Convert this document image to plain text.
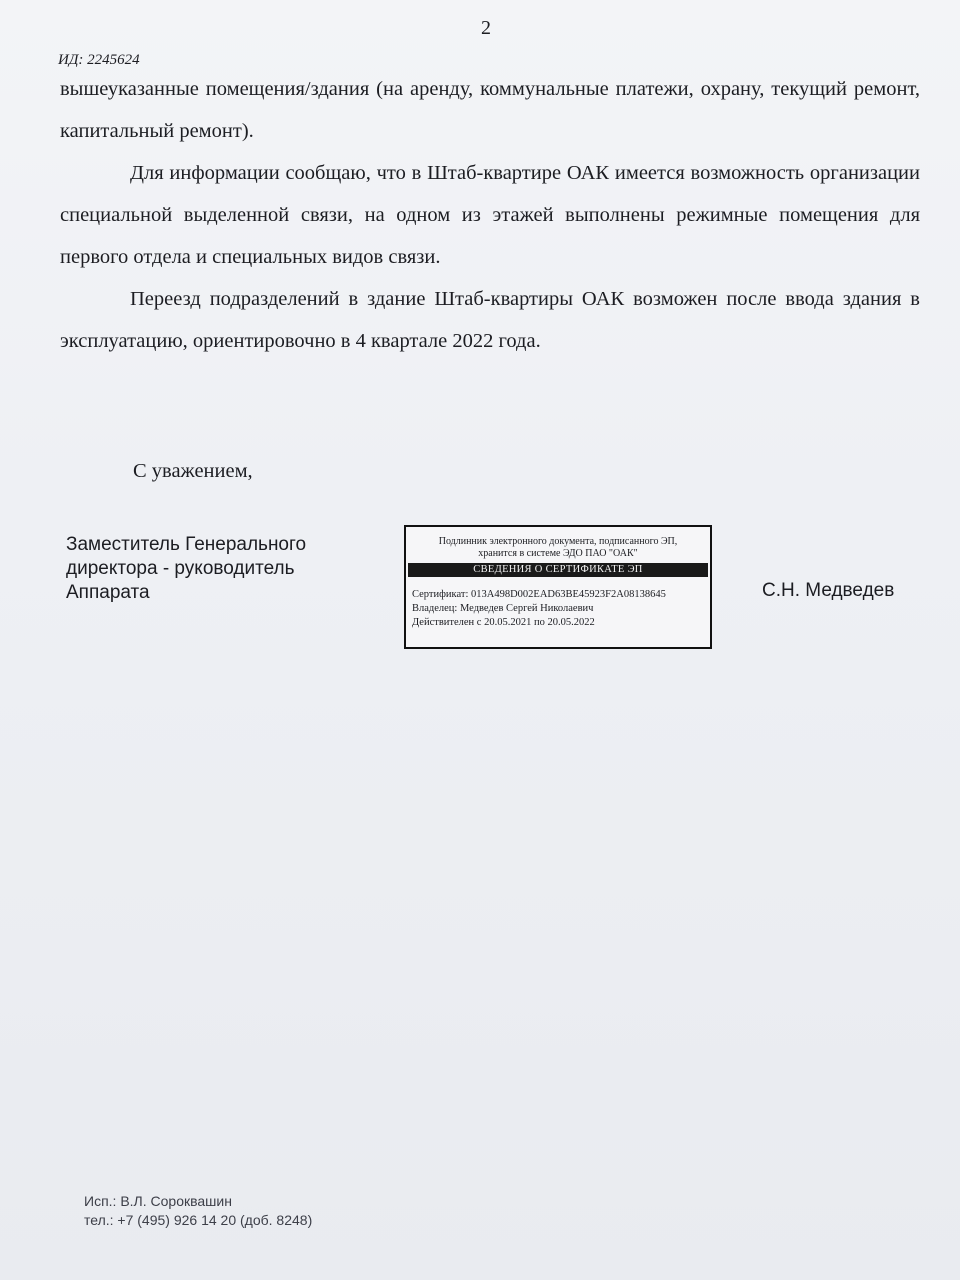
2
ИД: 2245624

вышеуказанные помещения/здания (на аренду, коммунальные платежи, охрану, текущий ремонт, капитальный ремонт).

Для информации сообщаю, что в Штаб-квартире ОАК имеется возможность организации специальной выделенной связи, на одном из этажей выполнены режимные помещения для первого отдела и специальных видов связи.

Переезд подразделений в здание Штаб-квартиры ОАК возможен после ввода здания в эксплуатацию, ориентировочно в 4 квартале 2022 года.

С уважением,
Заместитель Генерального
директора - руководитель
Аппарата
Подлинник электронного документа, подписанного ЭП,
хранится в системе ЭДО ПАО "ОАК"
СВЕДЕНИЯ О СЕРТИФИКАТЕ ЭП
Сертификат: 013A498D002EAD63BE45923F2A08138645
Владелец: Медведев Сергей Николаевич
Действителен с 20.05.2021 по 20.05.2022
С.Н. Медведев
Исп.: В.Л. Сороквашин
тел.: +7 (495) 926 14 20 (доб. 8248)
